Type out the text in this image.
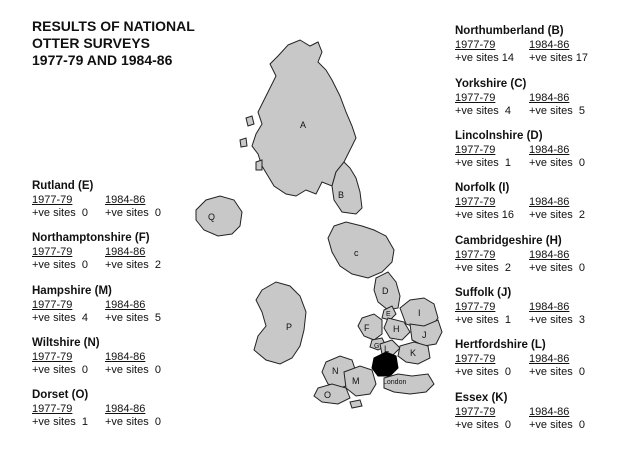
RESULTS OF NATIONAL
OTTER SURVEYS
1977-79 AND 1984-86
A
B
c
D
E
F
G
H
I
J
K
L
M
N
O
P
Q
London
Northumberland (B)
1977-79	1984-86
+ve sites 14 +ve sites 17
Yorkshire (C)
1977-79	1984-86
+ve sites  4 +ve sites  5
Lincolnshire (D)
1977-79	1984-86
+ve sites  1 +ve sites  0
Norfolk (I)
1977-79	1984-86
+ve sites 16 +ve sites  2
Cambridgeshire (H)
1977-79	1984-86
+ve sites  2 +ve sites  0
Suffolk (J)
1977-79	1984-86
+ve sites  1 +ve sites  3
Hertfordshire (L)
1977-79	1984-86
+ve sites  0 +ve sites  0
Essex (K)
1977-79	1984-86
+ve sites  0 +ve sites  0
Rutland (E)
1977-79	1984-86
+ve sites  0 +ve sites  0
Northamptonshire (F)
1977-79	1984-86
+ve sites  0 +ve sites  2
Hampshire (M)
1977-79	1984-86
+ve sites  4 +ve sites  5
Wiltshire (N)
1977-79	1984-86
+ve sites  0 +ve sites  0
Dorset (O)
1977-79	1984-86
+ve sites  1 +ve sites  0
